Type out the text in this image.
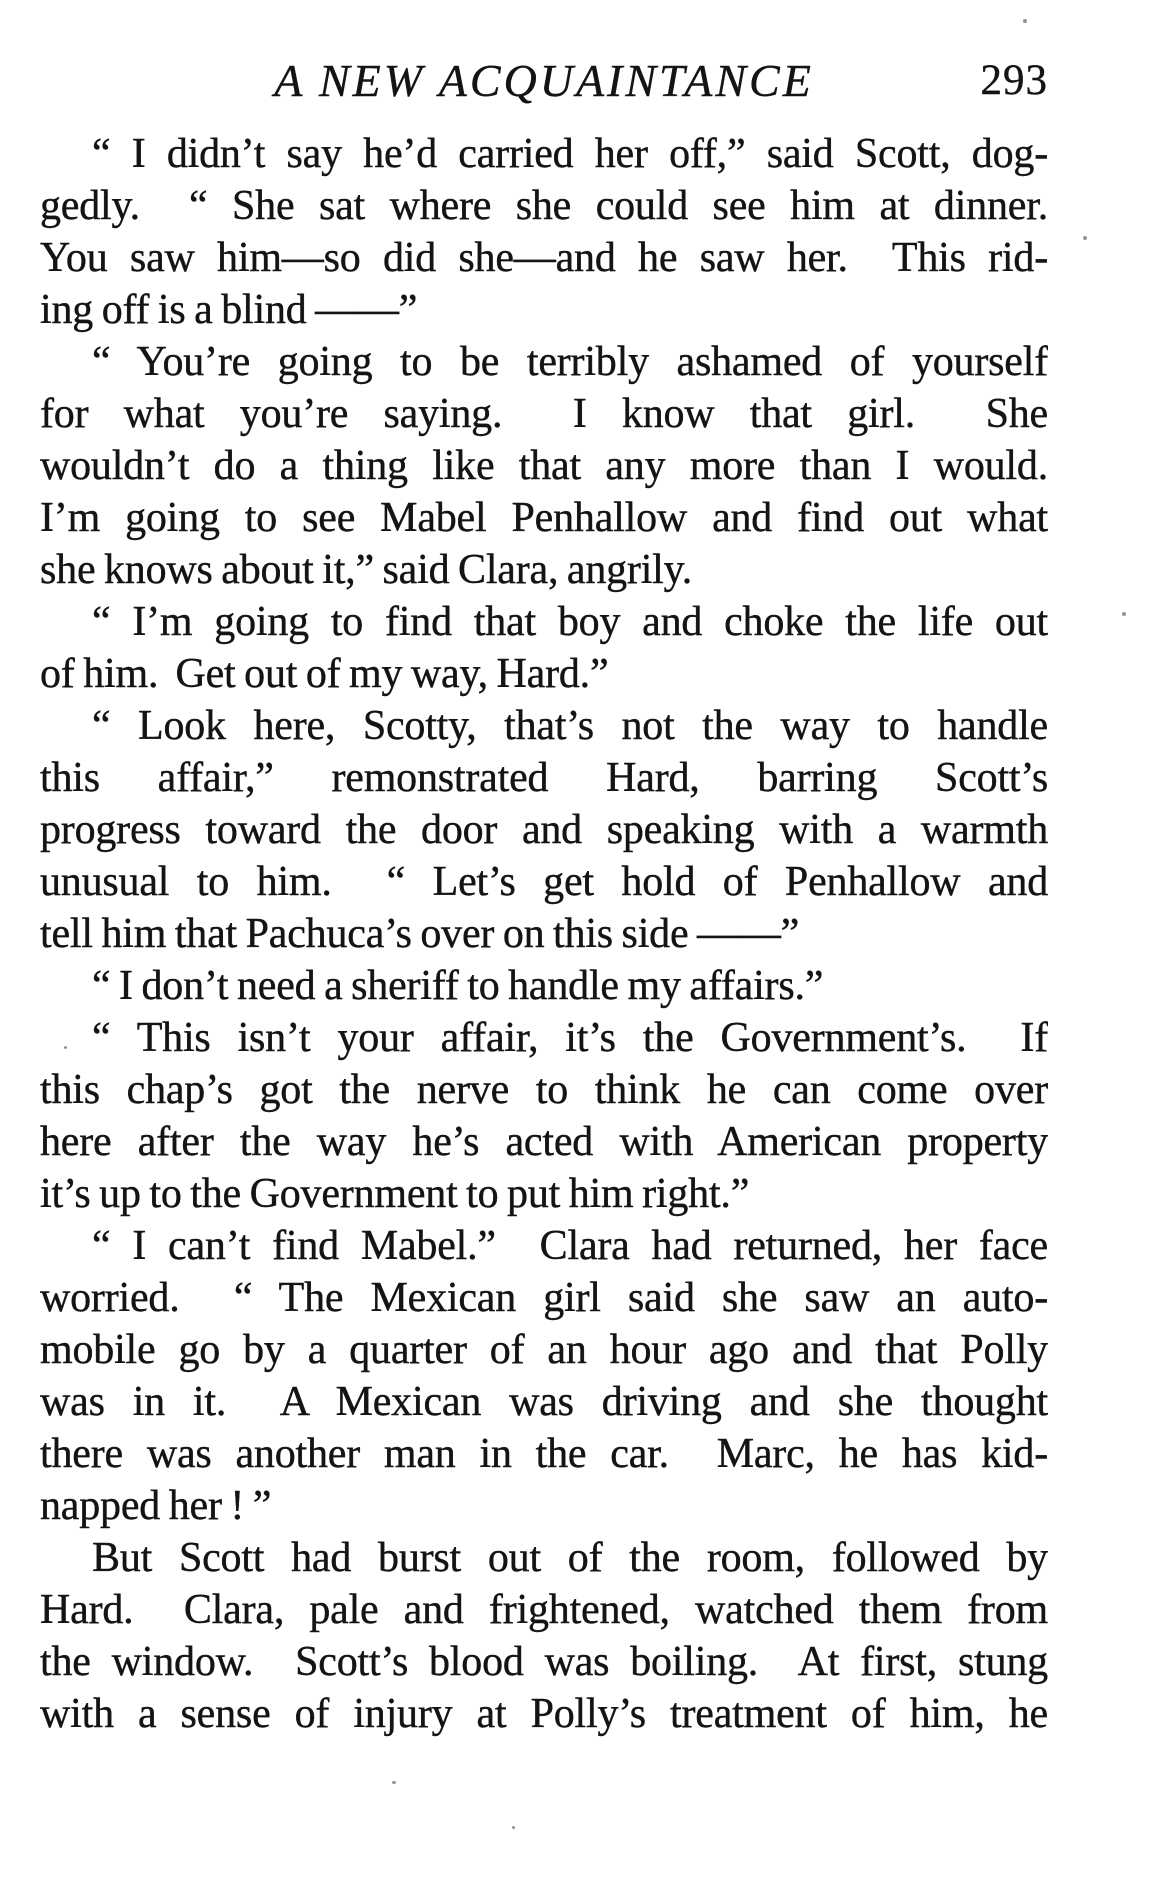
A NEW ACQUAINTANCE	293
“ I didn’t say he’d carried her off,” said Scott, dog-
gedly.  “ She sat where she could see him at dinner.
You saw him—so did she—and he saw her.  This rid-
ing off is a blind ——”
“ You’re going to be terribly ashamed of yourself
for what you’re saying.  I know that girl.  She
wouldn’t do a thing like that any more than I would.
I’m going to see Mabel Penhallow and find out what
she knows about it,” said Clara, angrily.
“ I’m going to find that boy and choke the life out
of him.  Get out of my way, Hard.”
“ Look here, Scotty, that’s not the way to handle
this affair,” remonstrated Hard, barring Scott’s
progress toward the door and speaking with a warmth
unusual to him.  “ Let’s get hold of Penhallow and
tell him that Pachuca’s over on this side ——”
“ I don’t need a sheriff to handle my affairs.”
“ This isn’t your affair, it’s the Government’s.  If
this chap’s got the nerve to think he can come over
here after the way he’s acted with American property
it’s up to the Government to put him right.”
“ I can’t find Mabel.”  Clara had returned, her face
worried.  “ The Mexican girl said she saw an auto-
mobile go by a quarter of an hour ago and that Polly
was in it.  A Mexican was driving and she thought
there was another man in the car.  Marc, he has kid-
napped her ! ”
But Scott had burst out of the room, followed by
Hard.  Clara, pale and frightened, watched them from
the window.  Scott’s blood was boiling.  At first, stung
with a sense of injury at Polly’s treatment of him, he
